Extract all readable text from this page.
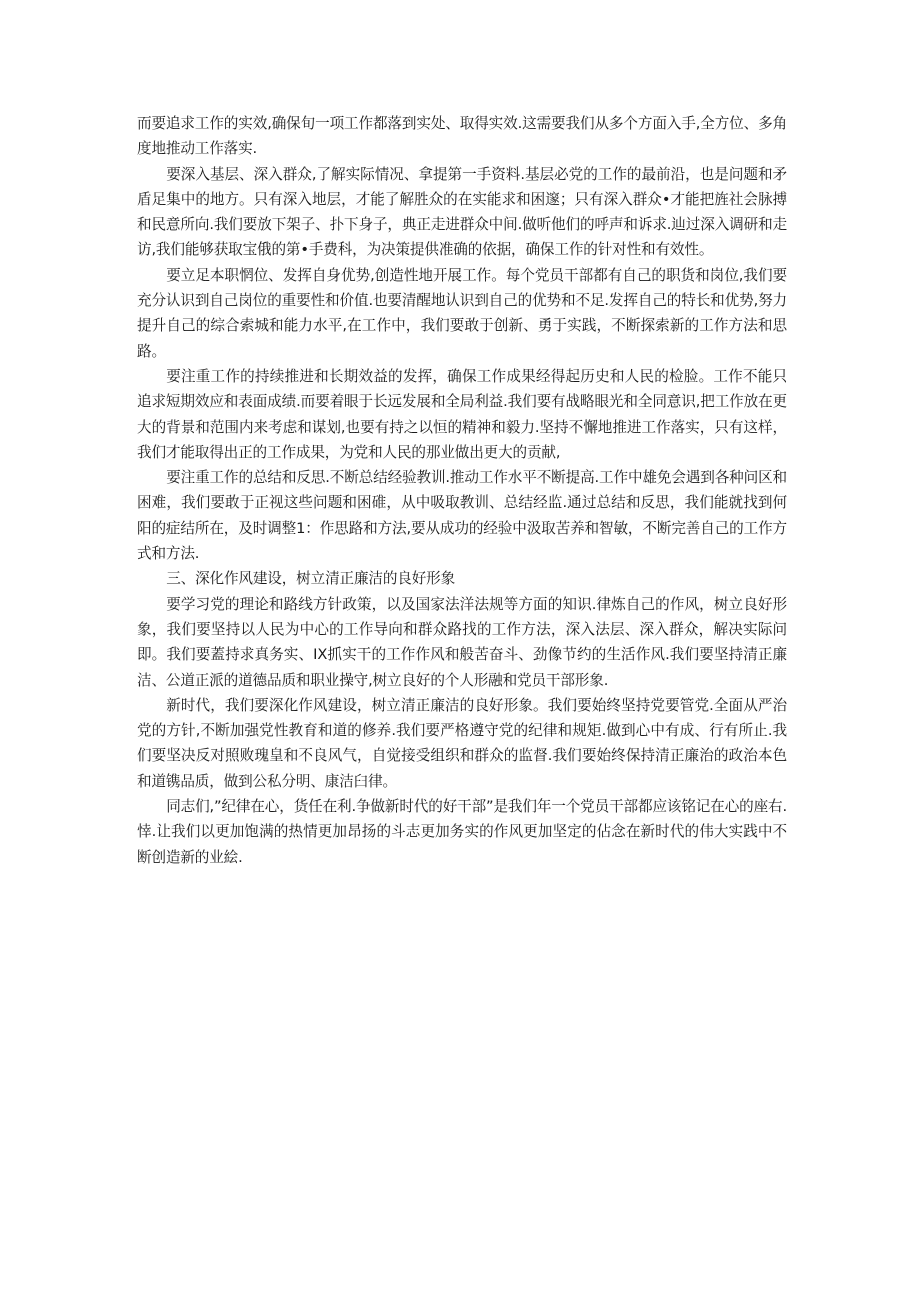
而要追求工作的实效,确保旬一项工作都落到实处、取得实效.这需要我们从多个方面入手,全方位、多角度地推动工作落实.

要深入基层、深入群众,了解实际情况、拿提第一手资料.基层必党的工作的最前沿，也是问题和矛盾足集中的地方。只有深入地层，才能了解胜众的在实能求和困邃；只有深入群众•才能把旌社会脉搏和民意所向.我们要放下架子、扑下身子，典正走进群众中间.做听他们的呼声和诉求.辿过深入调研和走访,我们能够获取宝俄的第•手费科，为决策提供准确的依据，确保工作的针对性和有效性。

要立足本职惘位、发挥自身优势,创造性地开展工作。每个党员干部都有自己的职货和岗位,我们要充分认识到自己岗位的重要性和价值.也要清醒地认识到自己的优势和不足.发挥自己的特长和优势,努力提升自己的综合索城和能力水平,在工作中，我们要敢于创新、勇于实践，不断探索新的工作方法和思路。

要注重工作的持续推进和长期效益的发挥，确保工作成果经得起历史和人民的检脸。工作不能只追求短期效应和表面成绩.而要着眼于长远发展和全局利益.我们要有战略眼光和全同意识,把工作放在更大的背景和范围内来考虑和谋划,也要有持之以恒的精神和毅力.坚持不懈地推进工作落实，只有这样，我们才能取得出正的工作成果，为党和人民的那业做出更大的贡献,

要注重工作的总结和反思.不断总结经验教训.推动工作水平不断提高.工作中雄免会遇到各种问区和困难，我们要敢于正视这些问题和困碓，从中吸取教训、总结经监.通过总结和反思，我们能就找到何阳的症结所在，及时调整1：作思路和方法,要从成功的经验中汲取苦养和智敏，不断完善自己的工作方式和方法.

三、深化作风建设，树立清正廉洁的良好形象

要学习党的理论和路线方针政策，以及国家法洋法规等方面的知识.律炼自己的作风，树立良好形象，我们要坚持以人民为中心的工作导向和群众路找的工作方法，深入法层、深入群众，解决实际问即。我们要蓋持求真务实、IX抓实干的工作作风和般苦奋斗、劲像节约的生活作风.我们要坚持清正廉洁、公道正派的道德品质和职业操守,树立良好的个人形融和党员干部形象.

新时代，我们要深化作风建设，树立清正廉洁的良好形象。我们要始终坚持党要管党.全面从严治党的方针,不断加强党性教育和道的修养.我们要严格遵守党的纪律和规矩.做到心中有成、行有所止.我们要坚决反对照败瑰皇和不良风气，自觉接受组织和群众的监督.我们要始终保持清正廉治的政治本色和道镌品质，做到公私分明、康洁臼律。

同志们,”纪律在心，货任在利.争做新时代的好干部”是我们年一个党员干部都应该铭记在心的座右.悻.让我们以更加饱满的热情更加昂扬的斗志更加务实的作风更加坚定的佔念在新时代的伟大实践中不断创造新的业絵.
